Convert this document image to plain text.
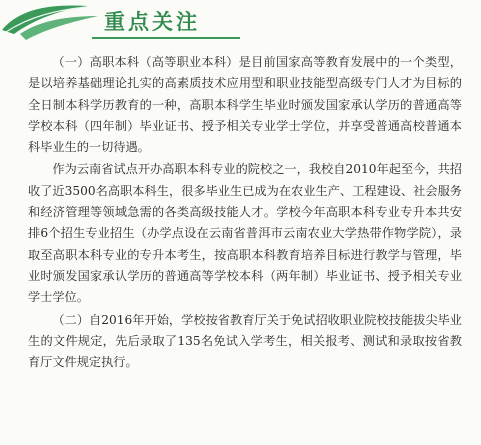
重点关注

（一）高职本科（高等职业本科）是目前国家高等教育发展中的一个类型，是以培养基础理论扎实的高素质技术应用型和职业技能型高级专门人才为目标的全日制本科学历教育的一种，高职本科学生毕业时颁发国家承认学历的普通高等学校本科（四年制）毕业证书、授予相关专业学士学位，并享受普通高校普通本科毕业生的一切待遇。

作为云南省试点开办高职本科专业的院校之一，我校自2010年起至今，共招收了近3500名高职本科生，很多毕业生已成为在农业生产、工程建设、社会服务和经济管理等领域急需的各类高级技能人才。学校今年高职本科专业专升本共安排6个招生专业招生（办学点设在云南省普洱市云南农业大学热带作物学院），录取至高职本科专业的专升本考生，按高职本科教育培养目标进行教学与管理，毕业时颁发国家承认学历的普通高等学校本科（两年制）毕业证书、授予相关专业学士学位。

（二）自2016年开始，学校按省教育厅关于免试招收职业院校技能拔尖毕业生的文件规定，先后录取了135名免试入学考生，相关报考、测试和录取按省教育厅文件规定执行。
